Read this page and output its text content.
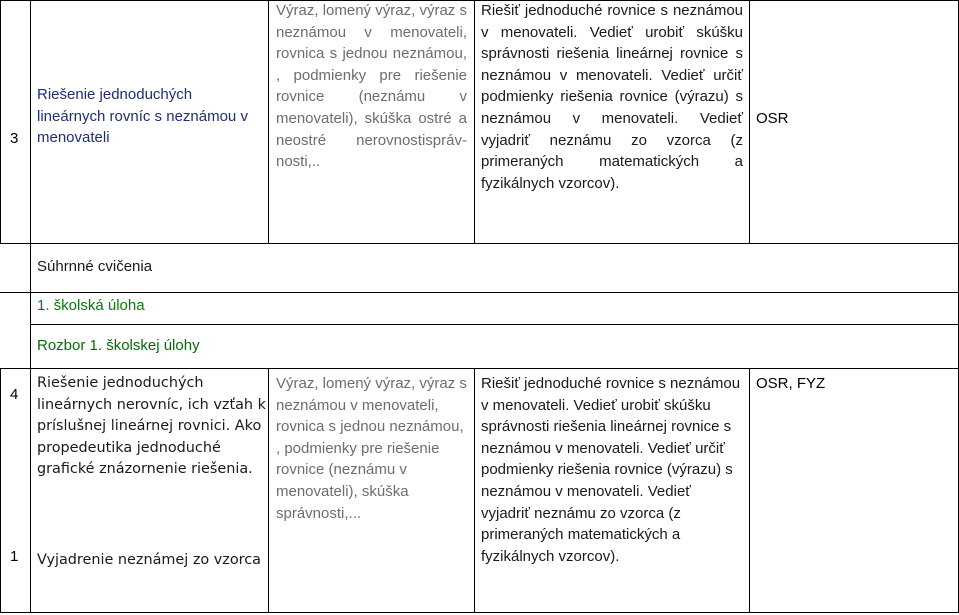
3
Riešenie jednoduchých lineárnych rovníc s neznámou v menovateli
Výraz, lomený výraz, výraz s neznámou v menovateli, rovnica s jednou neznámou, , podmienky pre riešenie rovnice (neznámu v menovateli), skúška ostré a neostré nerovnostisprávnosti,..
Riešiť jednoduché rovnice s neznámou v menovateli. Vedieť urobiť skúšku správnosti riešenia lineárnej rovnice s neznámou v menovateli. Vedieť určiť podmienky riešenia rovnice (výrazu) s neznámou v menovateli. Vedieť vyjadriť neznámu zo vzorca (z primeraných matematických a fyzikálnych vzorcov).
OSR
Súhrnné cvičenia
1. školská úloha
Rozbor 1. školskej úlohy
4
1
Riešenie jednoduchých lineárnych nerovníc, ich vzťah k príslušnej lineárnej rovnici. Ako propedeutika jednoduché grafické znázornenie riešenia.
Vyjadrenie neznámej zo vzorca
Výraz, lomený výraz, výraz s neznámou v menovateli, rovnica s jednou neznámou, , podmienky pre riešenie rovnice (neznámu v menovateli), skúška správnosti,...
Riešiť jednoduché rovnice s neznámou v menovateli. Vedieť urobiť skúšku správnosti riešenia lineárnej rovnice s neznámou v menovateli. Vedieť určiť podmienky riešenia rovnice (výrazu) s neznámou v menovateli. Vedieť vyjadriť neznámu zo vzorca (z primeraných matematických a fyzikálnych vzorcov).
OSR, FYZ
